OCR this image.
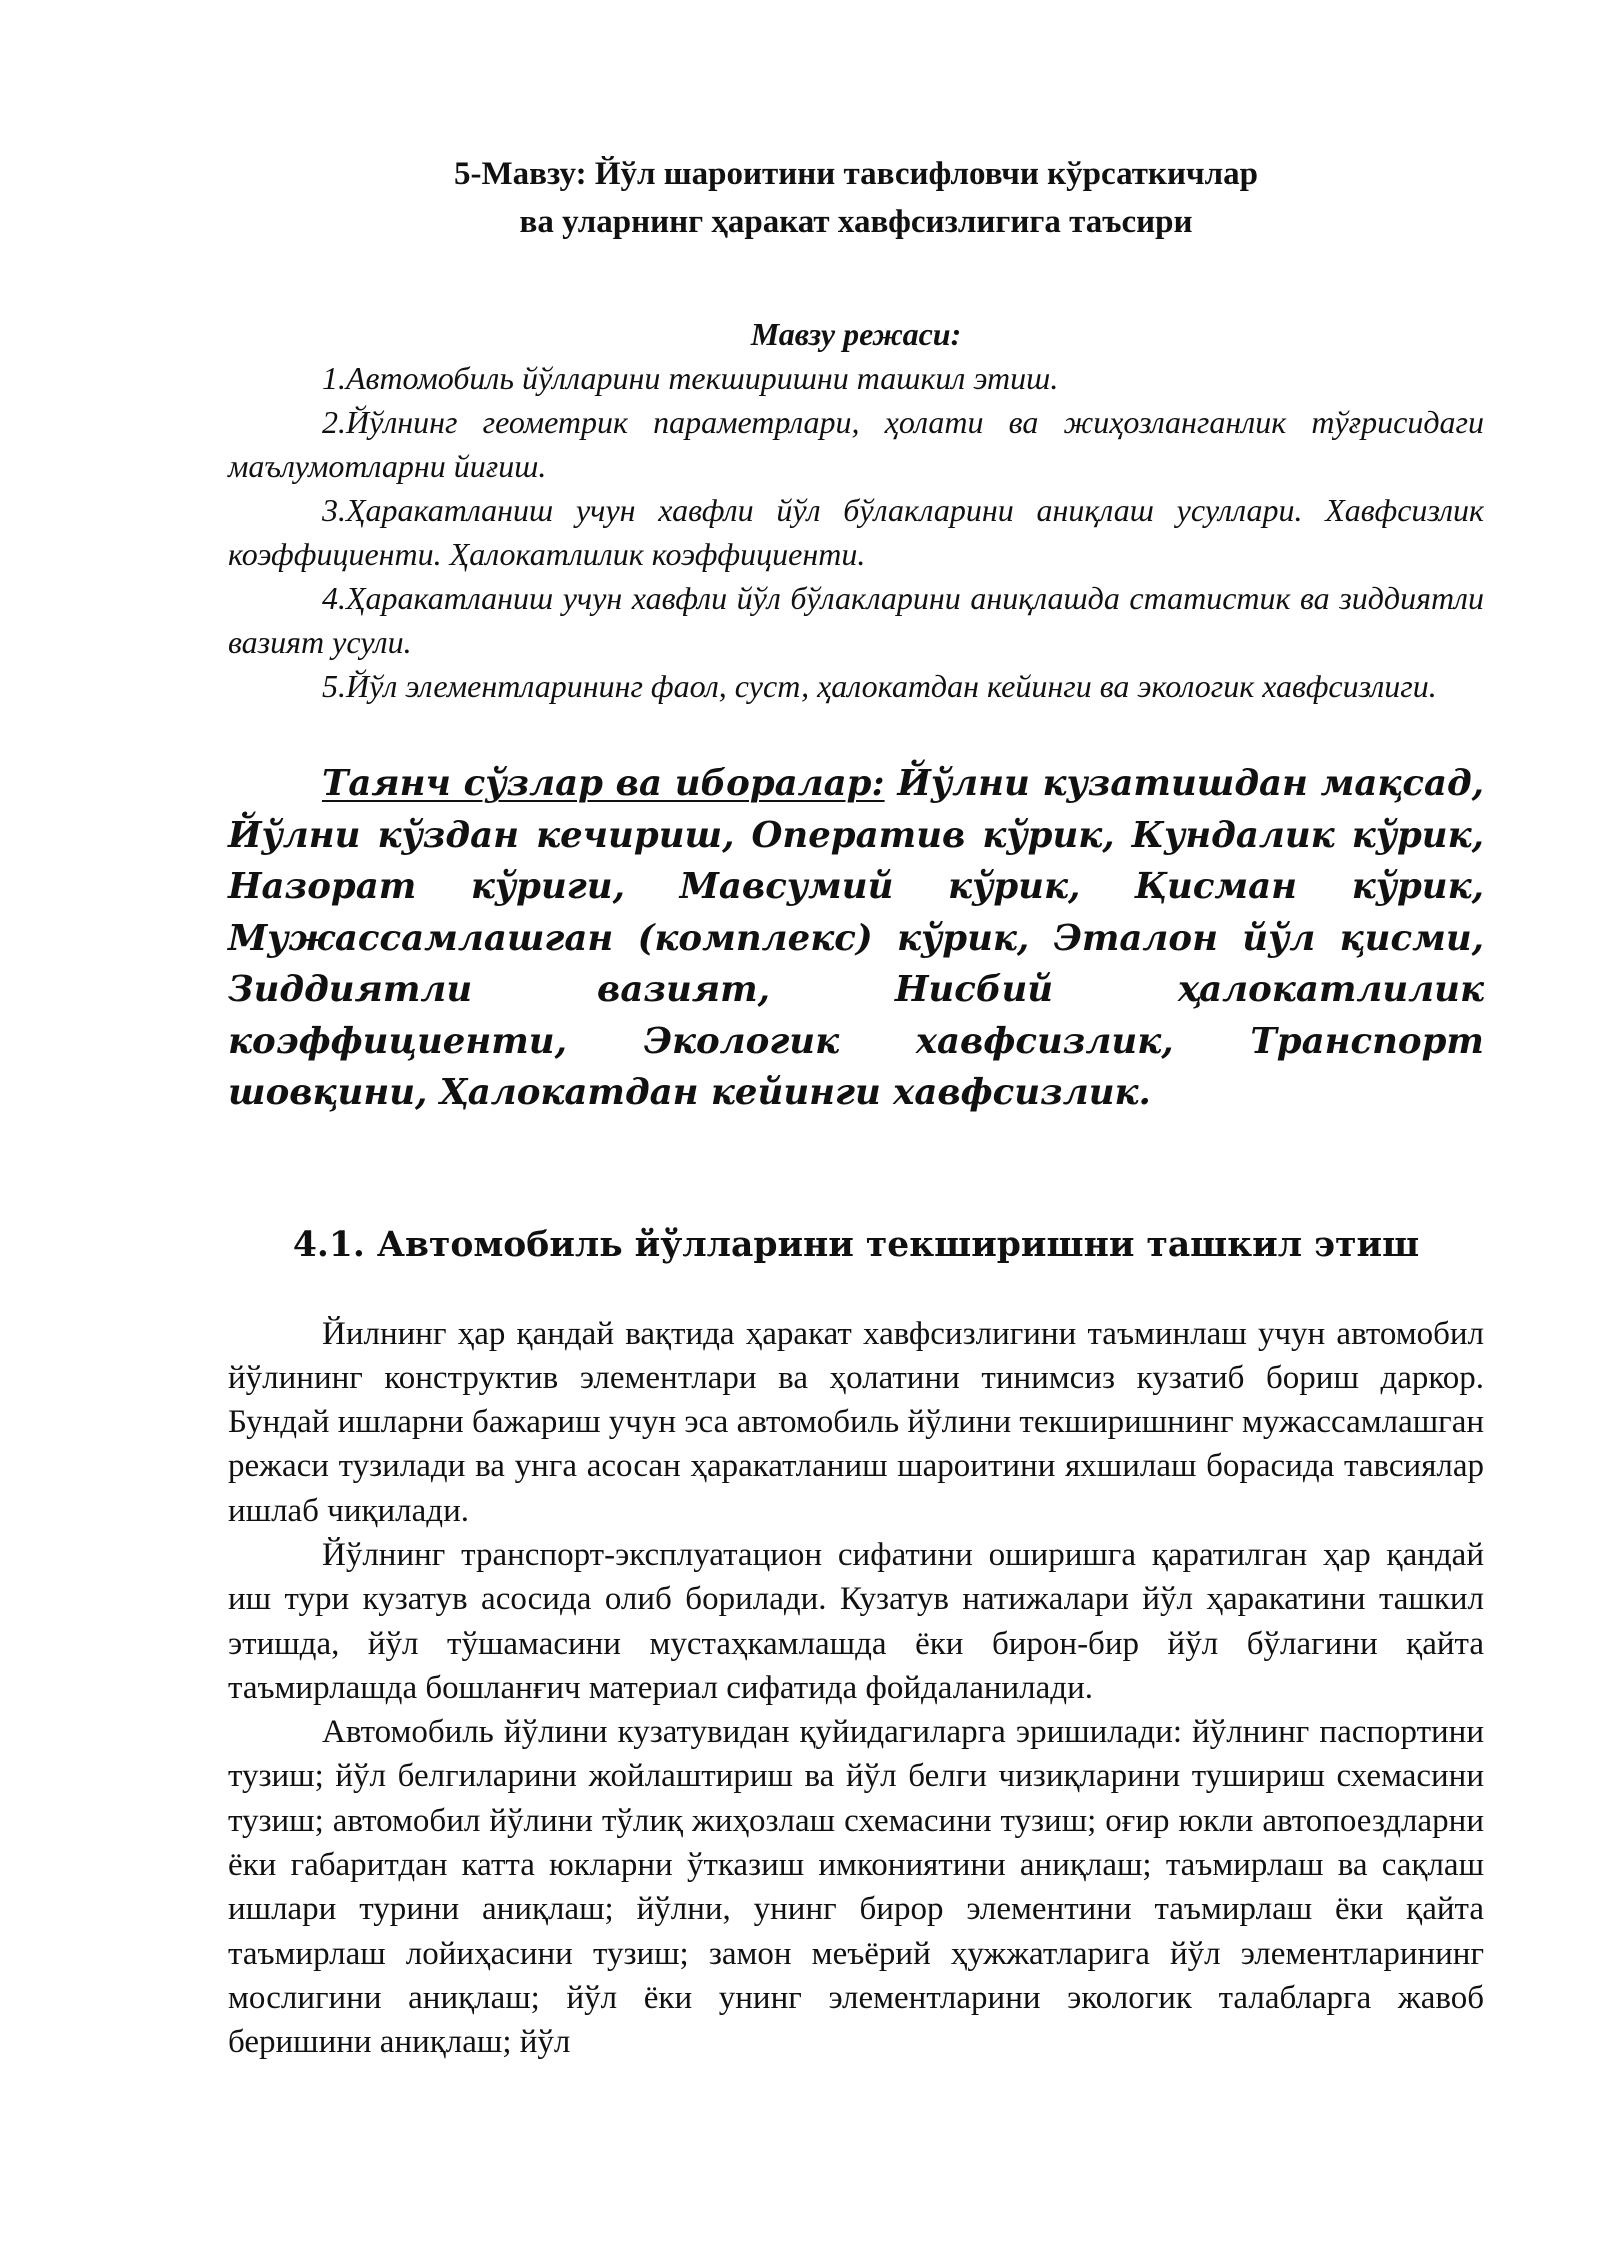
5-Мавзу: Йўл шароитини тавсифловчи кўрсаткичлар
ва уларнинг ҳаракат хавфсизлигига таъсири
Мавзу режаси:

1.Автомобиль йўлларини текширишни ташкил этиш.

2.Йўлнинг геометрик параметрлари, ҳолати ва жиҳозланганлик тўғрисидаги маълумотларни йиғиш.

3.Ҳаракатланиш учун хавфли йўл бўлакларини аниқлаш усуллари. Хавфсизлик коэффициенти. Ҳалокатлилик коэффициенти.

4.Ҳаракатланиш учун хавфли йўл бўлакларини аниқлашда статистик ва зиддиятли вазият усули.

5.Йўл элементларининг фаол, суст, ҳалокатдан кейинги ва экологик хавфсизлиги.

Таянч сўзлар ва иборалар: Йўлни кузатишдан мақсад, Йўлни кўздан кечириш, Оператив кўрик, Кундалик кўрик, Назорат кўриги, Мавсумий кўрик, Қисман кўрик, Мужассамлашган (комплекс) кўрик, Эталон йўл қисми, Зиддиятли вазият, Нисбий ҳалокатлилик коэффициенти, Экологик хавфсизлик, Транспорт шовқини, Ҳалокатдан кейинги хавфсизлик.

4.1. Автомобиль йўлларини текширишни ташкил этиш

Йилнинг ҳар қандай вақтида ҳаракат хавфсизлигини таъминлаш учун автомобил йўлининг конструктив элементлари ва ҳолатини тинимсиз кузатиб бориш даркор. Бундай ишларни бажариш учун эса автомобиль йўлини текширишнинг мужассамлашган режаси тузилади ва унга асосан ҳаракатланиш шароитини яхшилаш борасида тавсиялар ишлаб чиқилади.

Йўлнинг транспорт-эксплуатацион сифатини оширишга қаратилган ҳар қандай иш тури кузатув асосида олиб борилади. Кузатув натижалари йўл ҳаракатини ташкил этишда, йўл тўшамасини мустаҳкамлашда ёки бирон-бир йўл бўлагини қайта таъмирлашда бошланғич материал сифатида фойдаланилади.

Автомобиль йўлини кузатувидан қуйидагиларга эришилади: йўлнинг паспортини тузиш; йўл белгиларини жойлаштириш ва йўл белги чизиқларини тушириш схемасини тузиш; автомобил йўлини тўлиқ жиҳозлаш схемасини тузиш; оғир юкли автопоездларни ёки габаритдан катта юкларни ўтказиш имкониятини аниқлаш; таъмирлаш ва сақлаш ишлари турини аниқлаш; йўлни, унинг бирор элементини таъмирлаш ёки қайта таъмирлаш лойиҳасини тузиш; замон меъёрий ҳужжатларига йўл элементларининг мослигини аниқлаш; йўл ёки унинг элементларини экологик талабларга жавоб беришини аниқлаш; йўл
